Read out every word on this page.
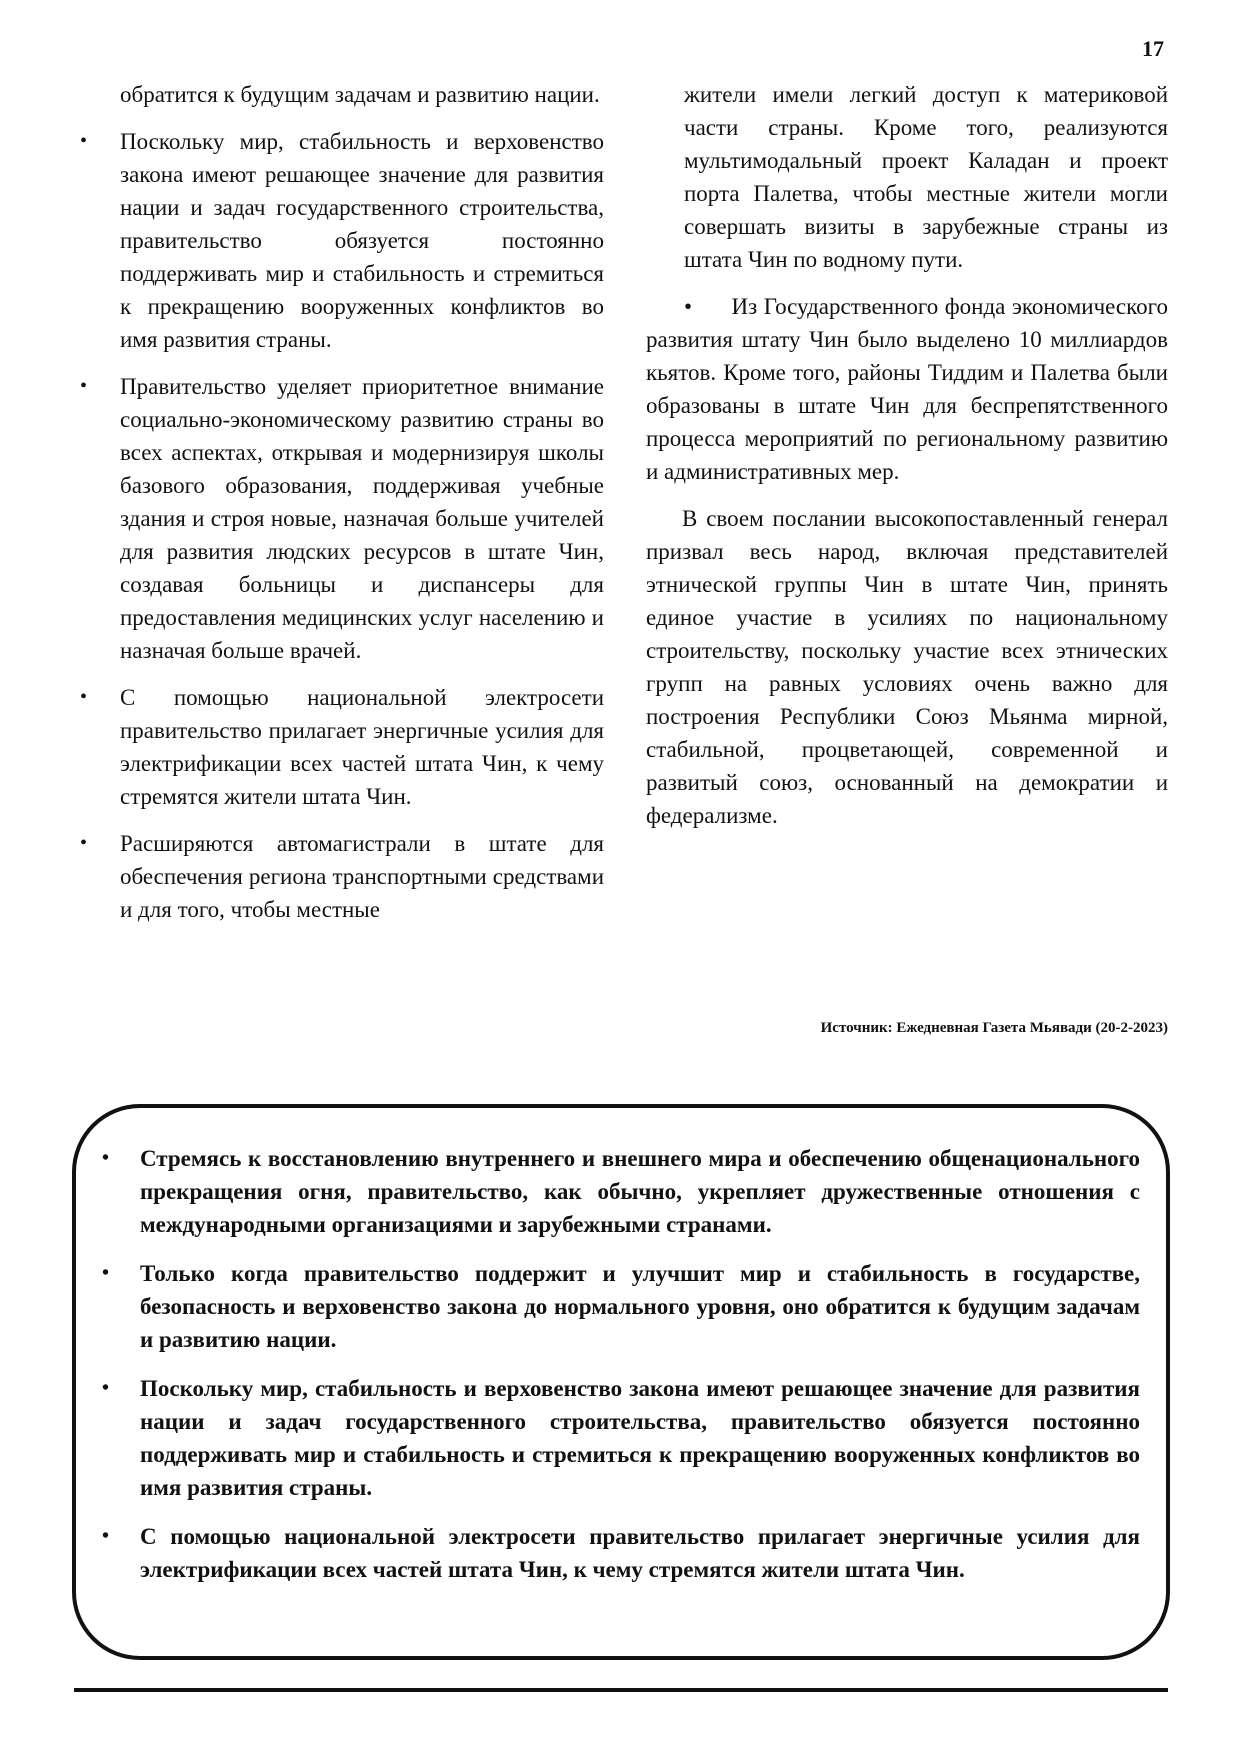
17

обратится к будущим задачам и развитию нации.

• Поскольку мир, стабильность и верховенство закона имеют решающее значение для развития нации и задач государственного строительства, правительство обязуется постоянно поддерживать мир и стабильность и стремиться к прекращению вооруженных конфликтов во имя развития страны.
• Правительство уделяет приоритетное внимание социально-экономическому развитию страны во всех аспектах, открывая и модернизируя школы базового образования, поддерживая учебные здания и строя новые, назначая больше учителей для развития людских ресурсов в штате Чин, создавая больницы и диспансеры для предоставления медицинских услуг населению и назначая больше врачей.
• С помощью национальной электросети правительство прилагает энергичные усилия для электрификации всех частей штата Чин, к чему стремятся жители штата Чин.
• Расширяются автомагистрали в штате для обеспечения региона транспортными средствами и для того, чтобы местные

жители имели легкий доступ к материковой части страны. Кроме того, реализуются мультимодальный проект Каладан и проект порта Палетва, чтобы местные жители могли совершать визиты в зарубежные страны из штата Чин по водному пути.

• Из Государственного фонда экономического развития штату Чин было выделено 10 миллиардов кьятов. Кроме того, районы Тиддим и Палетва были образованы в штате Чин для беспрепятственного процесса мероприятий по региональному развитию и административных мер.

В своем послании высокопоставленный генерал призвал весь народ, включая представителей этнической группы Чин в штате Чин, принять единое участие в усилиях по национальному строительству, поскольку участие всех этнических групп на равных условиях очень важно для построения Республики Союз Мьянма мирной, стабильной, процветающей, современной и развитый союз, основанный на демократии и федерализме.

Источник: Ежедневная Газета Мьявади (20-2-2023)
• Стремясь к восстановлению внутреннего и внешнего мира и обеспечению общенационального прекращения огня, правительство, как обычно, укрепляет дружественные отношения с международными организациями и зарубежными странами.
• Только когда правительство поддержит и улучшит мир и стабильность в государстве, безопасность и верховенство закона до нормального уровня, оно обратится к будущим задачам и развитию нации.
• Поскольку мир, стабильность и верховенство закона имеют решающее значение для развития нации и задач государственного строительства, правительство обязуется постоянно поддерживать мир и стабильность и стремиться к прекращению вооруженных конфликтов во имя развития страны.
• С помощью национальной электросети правительство прилагает энергичные усилия для электрификации всех частей штата Чин, к чему стремятся жители штата Чин.
